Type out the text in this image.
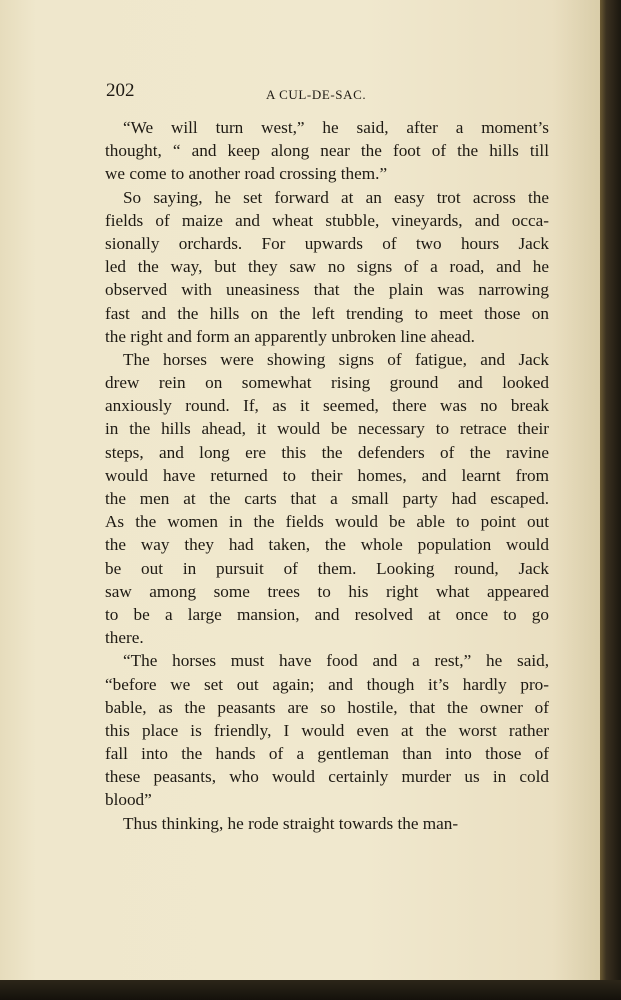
202	A CUL-DE-SAC.
“We will turn west,” he said, after a moment’s
thought, “ and keep along near the foot of the hills till
we come to another road crossing them.”
So saying, he set forward at an easy trot across the
fields of maize and wheat stubble, vineyards, and occa-
sionally orchards. For upwards of two hours Jack
led the way, but they saw no signs of a road, and he
observed with uneasiness that the plain was narrowing
fast and the hills on the left trending to meet those on
the right and form an apparently unbroken line ahead.
The horses were showing signs of fatigue, and Jack
drew rein on somewhat rising ground and looked
anxiously round. If, as it seemed, there was no break
in the hills ahead, it would be necessary to retrace their
steps, and long ere this the defenders of the ravine
would have returned to their homes, and learnt from
the men at the carts that a small party had escaped.
As the women in the fields would be able to point out
the way they had taken, the whole population would
be out in pursuit of them. Looking round, Jack
saw among some trees to his right what appeared
to be a large mansion, and resolved at once to go
there.
“The horses must have food and a rest,” he said,
“before we set out again; and though it’s hardly pro-
bable, as the peasants are so hostile, that the owner of
this place is friendly, I would even at the worst rather
fall into the hands of a gentleman than into those of
these peasants, who would certainly murder us in cold
blood”
Thus thinking, he rode straight towards the man-
